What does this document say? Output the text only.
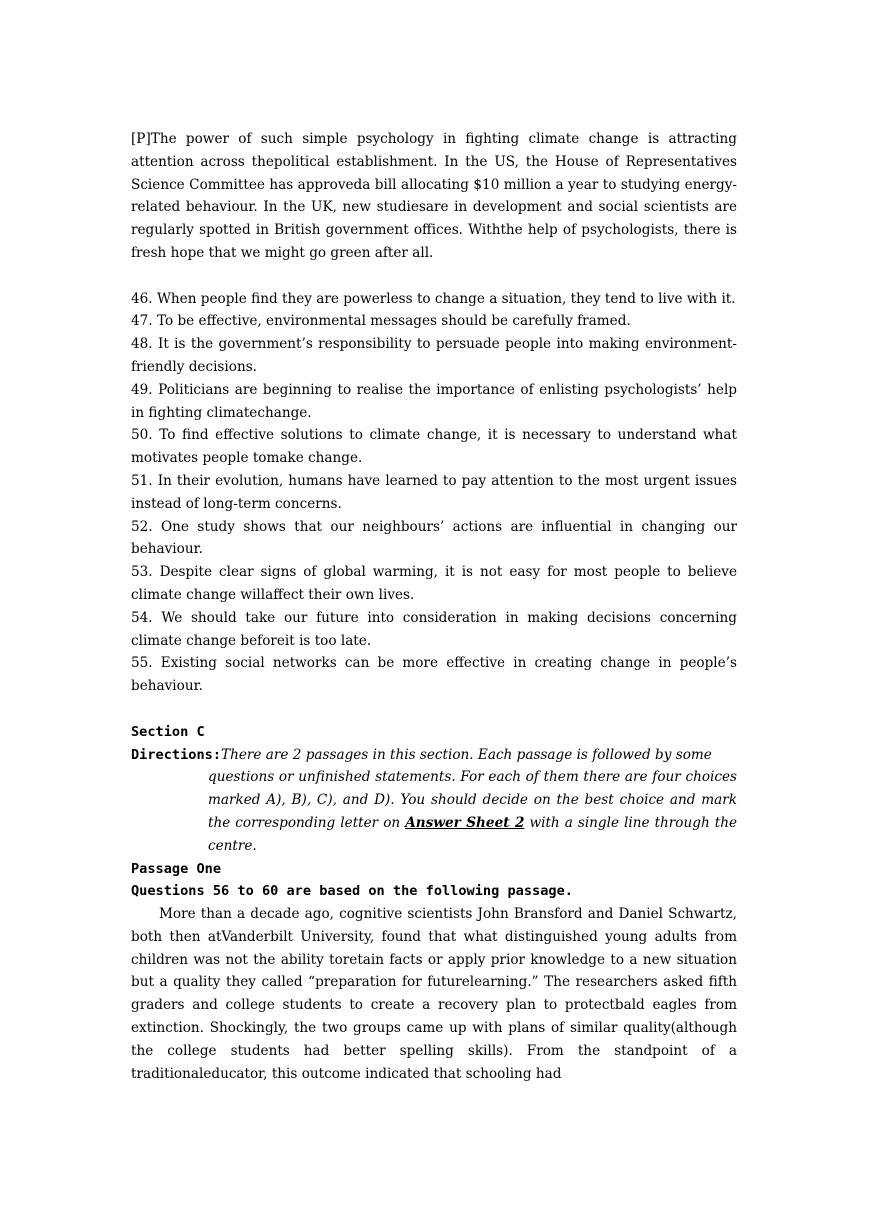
[P]The power of such simple psychology in fighting climate change is attracting attention across thepolitical establishment. In the US, the House of Representatives Science Committee has approveda bill allocating $10 million a year to studying energy-related behaviour. In the UK, new studiesare in development and social scientists are regularly spotted in British government offices. Withthe help of psychologists, there is fresh hope that we might go green after all.

46. When people find they are powerless to change a situation, they tend to live with it.

47. To be effective, environmental messages should be carefully framed.

48. It is the government’s responsibility to persuade people into making environment-friendly decisions.

49. Politicians are beginning to realise the importance of enlisting psychologists’ help in fighting climatechange.

50. To find effective solutions to climate change, it is necessary to understand what motivates people tomake change.

51. In their evolution, humans have learned to pay attention to the most urgent issues instead of long-term concerns.

52. One study shows that our neighbours’ actions are influential in changing our behaviour.

53. Despite clear signs of global warming, it is not easy for most people to believe climate change willaffect their own lives.

54. We should take our future into consideration in making decisions concerning climate change beforeit is too late.

55. Existing social networks can be more effective in creating change in people’s behaviour.

Section C
Directions: There are 2 passages in this section. Each passage is followed by some

questions or unfinished statements. For each of them there are four choices marked A), B), C), and D). You should decide on the best choice and mark the corresponding letter on Answer Sheet 2 with a single line through the centre.

Passage One
Questions 56 to 60 are based on the following passage.

More than a decade ago, cognitive scientists John Bransford and Daniel Schwartz, both then atVanderbilt University, found that what distinguished young adults from children was not the ability toretain facts or apply prior knowledge to a new situation but a quality they called “preparation for futurelearning.” The researchers asked fifth graders and college students to create a recovery plan to protectbald eagles from extinction. Shockingly, the two groups came up with plans of similar quality(although the college students had better spelling skills). From the standpoint of a traditionaleducator, this outcome indicated that schooling had
